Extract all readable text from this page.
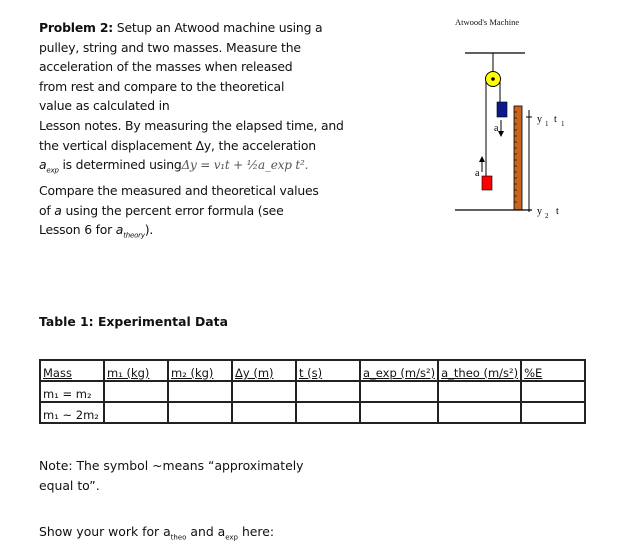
Problem 2: Setup an Atwood machine using a
pulley, string and two masses. Measure the
acceleration of the masses when released
from rest and compare to the theoretical
value as calculated in
Lesson notes. By measuring the elapsed time, and
the vertical displacement Δy, the acceleration
$a_{exp}$ is determined usingΔy = v₁t + ½a_exp t².
Compare the measured and theoretical values
of a using the percent error formula (see
Lesson 6 for $a_{theory}$).
Atwood's Machine
a
a
y 1 t 1
y 2 t
Table 1: Experimental Data
Mass	m₁ (kg)	m₂ (kg)	Δy (m)	t (s)	a_exp (m/s²)	a_theo (m/s²)	%E
m₁ = m₂							
m₁ ~ 2m₂							
Note: The symbol ~means “approximately
equal to”.
Show your work for $a_{theo}$ and $a_{exp}$ here:
